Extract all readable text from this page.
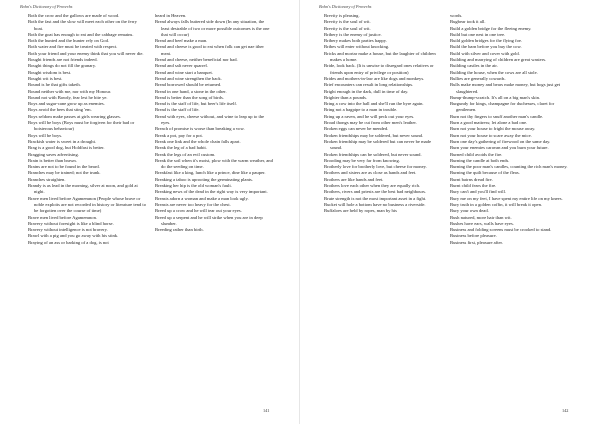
Bohn's Dictionary of Proverbs
Both the crow and the gallows are made of wood.
Both the fast and the slow will meet each other on the ferry boat.
Both the goat has enough to eat and the cabbage remains.
Both the hunted and the hunter rely on God.
Both water and fire must be treated with respect.
Both your friend and your enemy think that you will never die.
Bought friends are not friends indeed.
Bought things do not fill the granary.
Bought wisdom is best.
Bought wit is best.
Bound is he that gifts taketh.
Bound neither with me, nor with my Honour.
Bound not with Bawdy, fear lest he bite ye.
Boys and sugar-cane grow up as enemies.
Boys avoid the bees that sting 'em.
Boys seldom make passes at girls wearing glasses.
Boys will be boys (Boys must be forgiven for their bad or boisterous behaviour)
Boys will be boys.
Brackish water is sweet in a drought.
Brag is a good dog, but Holdfast is better.
Bragging saves advertising.
Brain is better than brawn.
Brains are not to be found in the beard.
Branches may be trained; not the trunk.
Branches straighten.
Brandy is as lead in the morning, silver at noon, and gold at night.
Brave men lived before Agamemnon (People whose brave or noble exploits are not recorded in history or literature tend to be forgotten over the course of time)
Brave men lived before Agamemnon.
Bravery without foresight is like a blind horse.
Bravery without intelligence is not bravery.
Brawl with a pig and you go away with his stink.
Braying of an ass or barking of a dog, is not
heard in Heaven.
Bread always falls buttered side down (In any situation, the least desirable of two or more possible outcomes is the one that will occur)
Bread and beef make a man.
Bread and cheese is good to eat when folk can get nae ither meat.
Bread and cheese, neither beneficial nor bad.
Bread and salt never quarrel.
Bread and wine start a banquet.
Bread and wine strengthen the back.
Bread borrowed should be returned.
Bread in one hand, a stone in the other.
Bread is better than the song of birds.
Bread is the staff of life, but beer's life itself.
Bread is the staff of life.
Bread with eyes, cheese without, and wine to leap up to the eyes.
Breach of promise is worse than breaking a vow.
Break a pot, pay for a pot.
Break one link and the whole chain falls apart.
Break the leg of a bad habit.
Break the legs of an evil custom.
Break the soil when it's moist, plow with the warm weather, and do the seeding on time.
Breakfast like a king, lunch like a prince, dine like a pauper.
Breaking a taboo is uprooting the germinating plants.
Breaking her hip is the old woman's fault.
Breaking news of the dead in the right way is very important.
Breasts adorn a woman and make a man look ugly.
Breasts are never too heavy for the chest.
Breed up a crow and he will tear out your eyes.
Breed up a serpent and he will strike when you are in deep slumber.
Breeding rather than birth.
141
Bohn's Dictionary of Proverbs
Brevity is pleasing.
Brevity is the soul of wit.
Brevity is the soul of wit.
Bribery is the enemy of justice.
Bribery makes both parties happy.
Bribes will enter without knocking.
Bricks and mortar make a house, but the laughter of children makes a home.
Bride, look back. (It is unwise to disregard ones relatives or friends upon entry of privilege or position)
Brides and mothers-in-law are like dogs and monkeys.
Brief encounters can result in long relationships.
Bright enough in the dark, dull in time of day.
Brighter than a pounds.
Bring a cow into the hall and she'll run the byre again.
Bring not a bagpipe to a man in trouble.
Bring up a raven, and he will peck out your eyes.
Broad thongs may be cut from other men's leather.
Broken eggs can never be mended.
Broken friendships may be soldered, but never sound.
Broken friendship may be soldered but can never be made sound.
Broken friendships can be soldered, but never sound.
Brooding may be very far from knowing.
Brotherly love for brotherly love, but cheese for money.
Brothers and sisters are as close as hands and feet.
Brothers are like hands and feet.
Brothers love each other when they are equally rich.
Brothers, rivers and priests are the best bad neighbours.
Brute strength is not the most important asset in a fight.
Bucket will hole a bottom have no business a riverside.
Buffaloes are held by ropes, man by his
words.
Bugbear took it all.
Build a golden bridge for the fleeing enemy.
Build but one nest in one tree.
Build golden bridges for the flying foe.
Build the barn before you buy the cow.
Build with silver and cover with gold.
Building and marrying of children are great wasters.
Building castles in the air.
Building the house, when the cows are all stole.
Bullies are generally cowards.
Bulls make money and bears make money, but hogs just get slaughtered.
Bump-thump-scratch. It's all on a big man's skin.
Burgundy for kings, champagne for duchesses, claret for gentlemen.
Burn not thy fingers to snuff another man's candle.
Burn a good mattress; let alone a bad one.
Burn not your house to fright the mouse away.
Burn not your house to scare away the mice.
Burn one day's gathering of firewood on the same day.
Burn your enemies caravan and you burn your future.
Burned child avoids the fire.
Burning the candle at both ends.
Burning the poor man's candles, counting the rich man's money.
Burning the quilt because of the fleas.
Burnt bairns dread fire.
Burnt child fears the fire.
Bury can't and you'll find will.
Bury me on my feet, I have spent my entire life on my knees.
Bury truth in a golden coffin, it will break it open.
Bury your own dead.
Bush natured, more hair than wit.
Bushes have ears, walls have eyes.
Business and folding screens must be crooked to stand.
Business before pleasure.
Business first, pleasure after.
142
